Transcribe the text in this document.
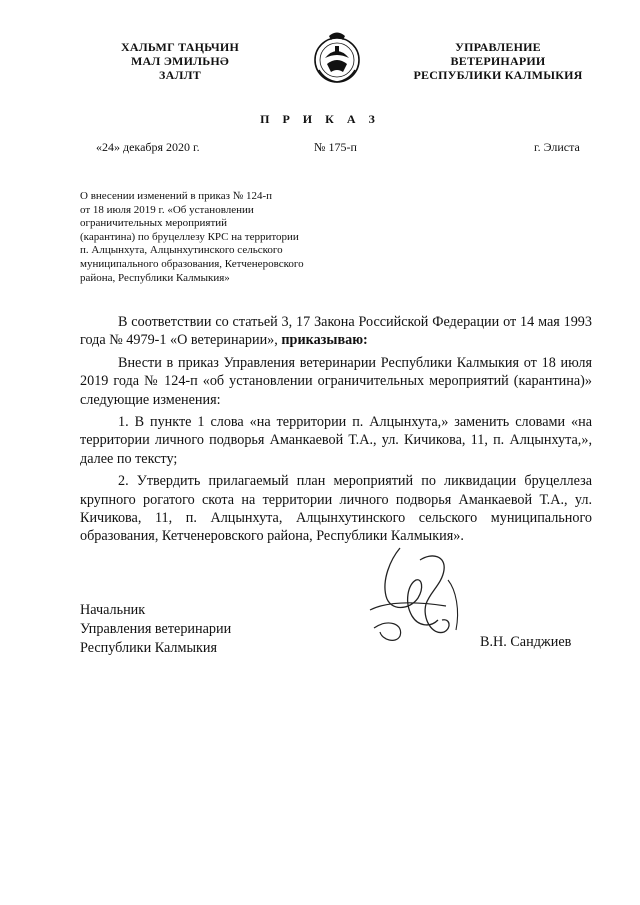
ХАЛЬМГ ТАҢЬЧИН
МАЛ ЭМИЛЬНӘ
ЗАЛЛТ
УПРАВЛЕНИЕ
ВЕТЕРИНАРИИ
РЕСПУБЛИКИ КАЛМЫКИЯ
П Р И К А З
«24» декабря 2020 г.	№ 175-п	г. Элиста
О внесении изменений в приказ № 124-п
от 18 июля 2019 г. «Об установлении
ограничительных мероприятий
(карантина) по бруцеллезу КРС на территории
п. Алцынхута, Алцынхутинского сельского
муниципального образования, Кетченеровского
района, Республики Калмыкия»

В соответствии со статьей 3, 17 Закона Российской Федерации от 14 мая 1993 года № 4979-1 «О ветеринарии», приказываю:

Внести в приказ Управления ветеринарии Республики Калмыкия от 18 июля 2019 года № 124-п «об установлении ограничительных мероприятий (карантина)» следующие изменения:

1. В пункте 1 слова «на территории п. Алцынхута,» заменить словами «на территории личного подворья Аманкаевой Т.А., ул. Кичикова, 11, п. Алцынхута,», далее по тексту;

2. Утвердить прилагаемый план мероприятий по ликвидации бруцеллеза крупного рогатого скота на территории личного подворья Аманкаевой Т.А., ул. Кичикова, 11, п. Алцынхута, Алцынхутинского сельского муниципального образования, Кетченеровского района, Республики Калмыкия».

Начальник
Управления ветеринарии
Республики Калмыкия	В.Н. Санджиев
